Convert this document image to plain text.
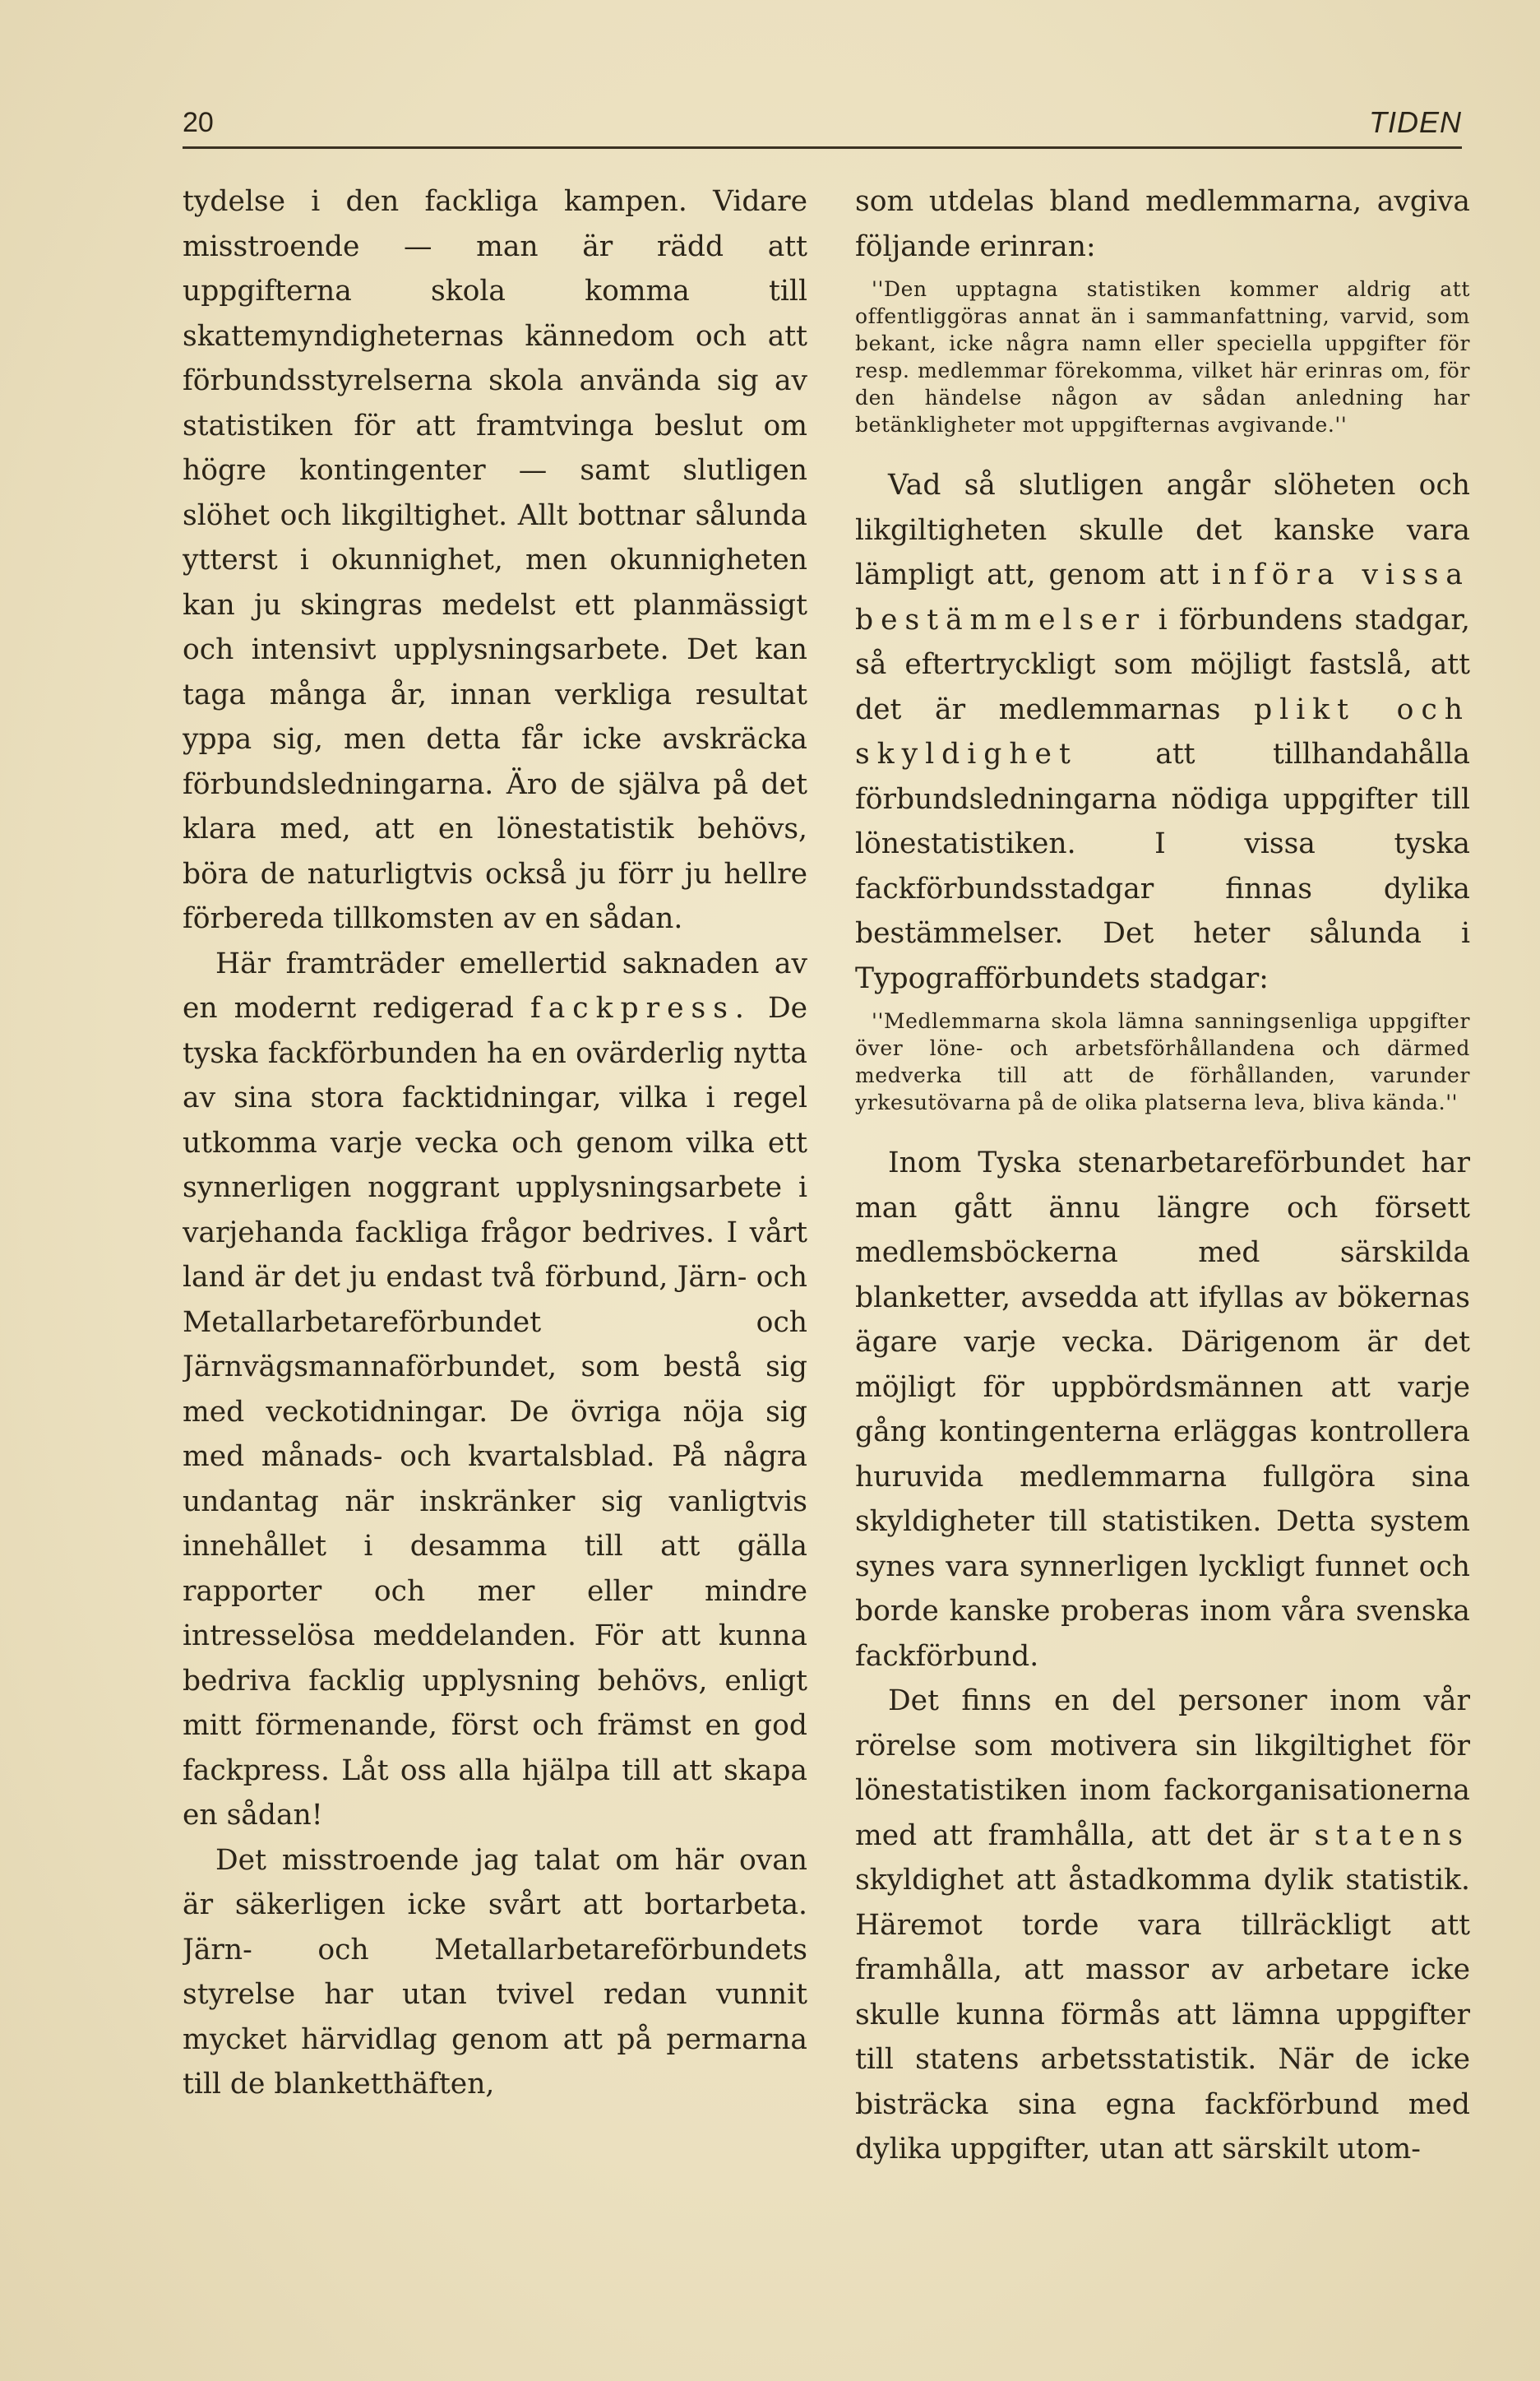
20	TIDEN

tydelse i den fackliga kampen. Vidare misstroende — man är rädd att uppgifterna skola komma till skattemyndigheternas kännedom och att förbundsstyrelserna skola använda sig av statistiken för att framtvinga beslut om högre kontingenter — samt slutligen slöhet och likgiltighet. Allt bottnar sålunda ytterst i okunnighet, men okunnigheten kan ju skingras medelst ett planmässigt och intensivt upplysningsarbete. Det kan taga många år, innan verkliga resultat yppa sig, men detta får icke avskräcka förbundsledningarna. Äro de själva på det klara med, att en lönestatistik behövs, böra de naturligtvis också ju förr ju hellre förbereda tillkomsten av en sådan.

Här framträder emellertid saknaden av en modernt redigerad fackpress. De tyska fackförbunden ha en ovärderlig nytta av sina stora facktidningar, vilka i regel utkomma varje vecka och genom vilka ett synnerligen noggrant upplysningsarbete i varjehanda fackliga frågor bedrives. I vårt land är det ju endast två förbund, Järn- och Metallarbetareförbundet och Järnvägsmannaförbundet, som bestå sig med veckotidningar. De övriga nöja sig med månads- och kvartalsblad. På några undantag när inskränker sig vanligtvis innehållet i desamma till att gälla rapporter och mer eller mindre intresselösa meddelanden. För att kunna bedriva facklig upplysning behövs, enligt mitt förmenande, först och främst en god fackpress. Låt oss alla hjälpa till att skapa en sådan!

Det misstroende jag talat om här ovan är säkerligen icke svårt att bortarbeta. Järn- och Metallarbetareförbundets styrelse har utan tvivel redan vunnit mycket härvidlag genom att på permarna till de blanketthäften,

som utdelas bland medlemmarna, avgiva följande erinran:

''Den upptagna statistiken kommer aldrig att offentliggöras annat än i sammanfattning, varvid, som bekant, icke några namn eller speciella uppgifter för resp. medlemmar förekomma, vilket här erinras om, för den händelse någon av sådan anledning har betänkligheter mot uppgifternas avgivande.''

Vad så slutligen angår slöheten och likgiltigheten skulle det kanske vara lämpligt att, genom att införa vissa bestämmelser i förbundens stadgar, så eftertryckligt som möjligt fastslå, att det är medlemmarnas plikt och skyldighet	att tillhandahålla förbundsledningarna nödiga uppgifter till lönestatistiken. I vissa tyska fackförbundsstadgar finnas dylika bestämmelser. Det heter sålunda i Typografförbundets stadgar:

''Medlemmarna skola lämna sanningsenliga uppgifter över löne- och arbetsförhållandena och därmed medverka till att de förhållanden, varunder yrkesutövarna på de olika platserna leva, bliva kända.''

Inom Tyska stenarbetareförbundet har man gått ännu längre och försett medlemsböckerna med särskilda blanketter, avsedda att ifyllas av bökernas ägare varje vecka. Därigenom är det möjligt för uppbördsmännen att varje gång kontingenterna erläggas kontrollera huruvida medlemmarna fullgöra sina skyldigheter till statistiken. Detta system synes vara synnerligen lyckligt funnet och borde kanske proberas inom våra svenska fackförbund.

Det finns en del personer inom vår rörelse som motivera sin likgiltighet för lönestatistiken inom fackorganisationerna med att framhålla, att det är statens skyldighet att åstadkomma dylik statistik. Häremot torde vara tillräckligt att framhålla, att massor av arbetare icke skulle kunna förmås att lämna uppgifter till statens arbetsstatistik. När de icke bisträcka sina egna fackförbund med dylika uppgifter, utan att särskilt utom-
